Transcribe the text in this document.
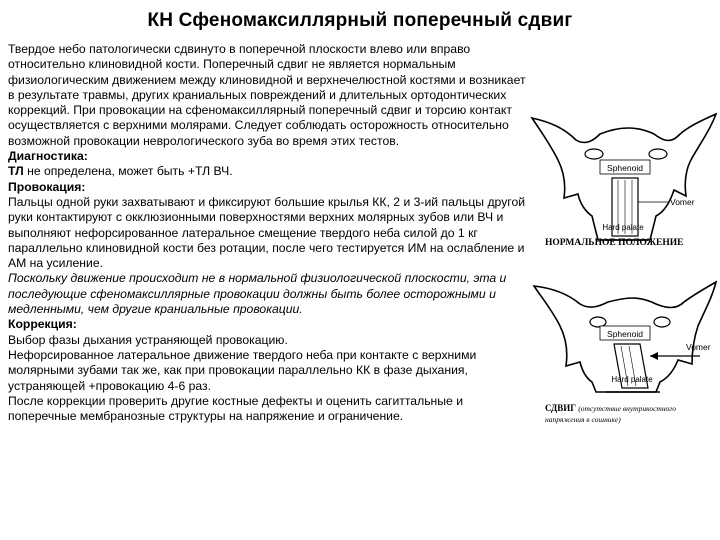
КН Сфеномаксиллярный поперечный сдвиг

Твердое небо патологически сдвинуто в поперечной плоскости влево или вправо относительно клиновидной кости. Поперечный сдвиг не является нормальным физиологическим движением между клиновидной и верхнечелюстной костями и возникает в результате травмы, других краниальных повреждений и длительных ортодонтических коррекций. При провокации на сфеномаксиллярный поперечный сдвиг и торсию контакт осуществляется с верхними молярами. Следует соблюдать осторожность относительно возможной провокации неврологического зуба во время этих тестов.

Диагностика:

ТЛ не определена, может быть +ТЛ ВЧ.

Провокация:

Пальцы одной руки захватывают и фиксируют большие крылья КК, 2 и 3-ий пальцы другой руки контактируют с окклюзионными поверхностями верхних молярных зубов или ВЧ и выполняют нефорсированное латеральное смещение твердого неба силой до 1 кг параллельно клиновидной кости без ротации, после чего тестируется ИМ на ослабление и АМ на усиление.

Поскольку движение происходит не в нормальной физиологической плоскости, эта и последующие сфеномаксиллярные провокации должны быть более осторожными и медленными, чем другие краниальные провокации.

Коррекция:

Выбор фазы дыхания устраняющей провокацию.

Нефорсированное латеральное движение твердого неба при контакте с верхними молярными зубами так же, как при провокации параллельно КК в фазе дыхания, устраняющей +провокацию 4-6 раз.

После коррекции проверить другие костные дефекты и оценить сагиттальные и поперечные мембранозные структуры на напряжение и ограничение.

Sphenoid
Vomer
Hard palate
НОРМАЛЬНОЕ ПОЛОЖЕНИЕ
Sphenoid
Vomer
Hard palate
СДВИГ (отсутствие внутрикостного напряжения в сошнике)
